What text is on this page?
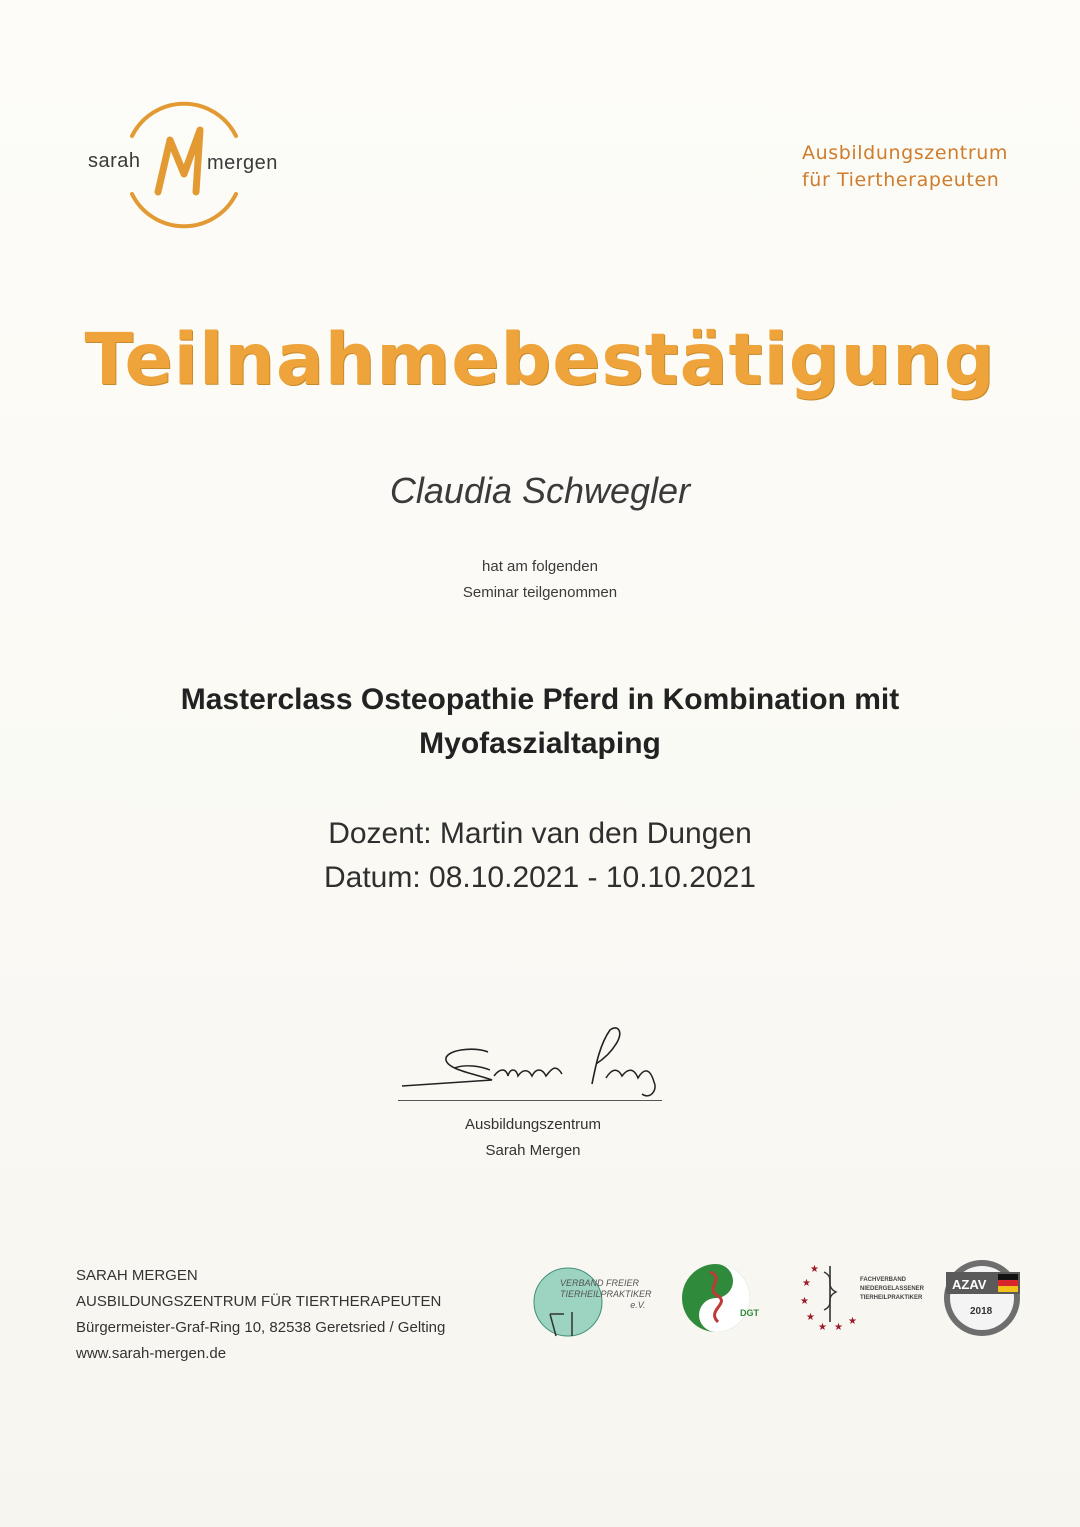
sarah	mergen	Ausbildungszentrum
für Tiertherapeuten
Teilnahmebestätigung
Claudia Schwegler
hat am folgenden
Seminar teilgenommen
Masterclass Osteopathie Pferd in Kombination mit
Myofaszialtaping
Dozent: Martin van den Dungen
Datum: 08.10.2021 - 10.10.2021
Ausbildungszentrum
Sarah Mergen
SARAH MERGEN
AUSBILDUNGSZENTRUM FÜR TIERTHERAPEUTEN
Bürgermeister-Graf-Ring 10, 82538 Geretsried / Gelting
www.sarah-mergen.de
VERBAND FREIER
TIERHEILPRAKTIKER
e.V.
DGT
★
★
★
★ ★
★
★
FACHVERBAND
NIEDERGELASSENER
TIERHEILPRAKTIKER
AZAV
2018
